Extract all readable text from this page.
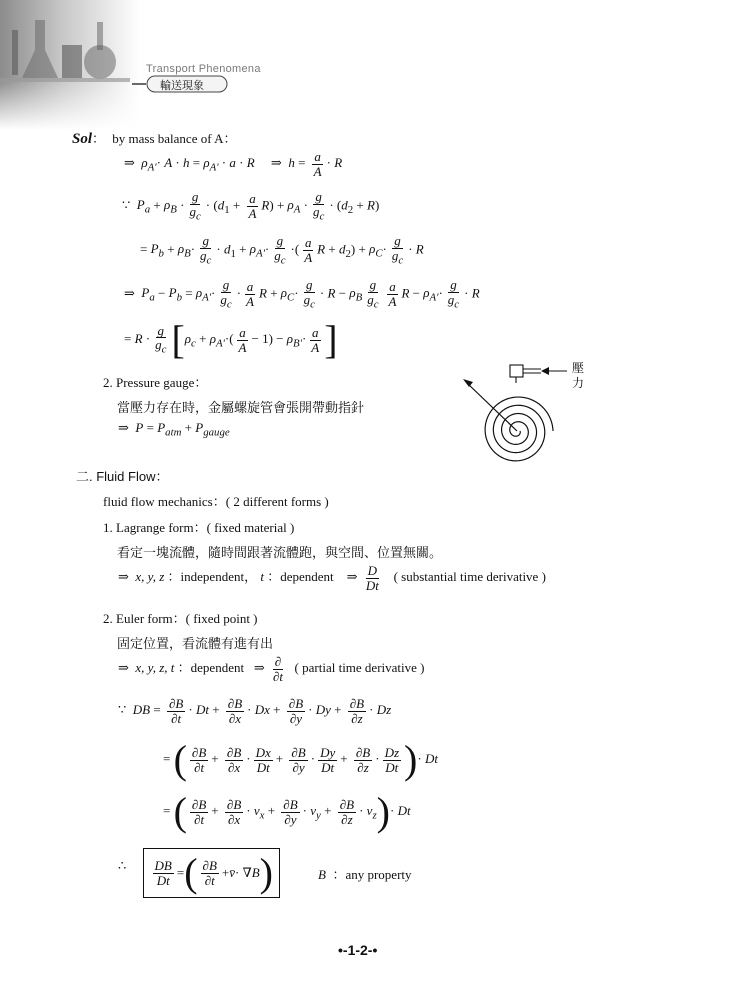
Transport Phenomena
輸送現象
Sol： by mass balance of A：
⇒  $\rho_{A'}\cdot A \cdot h = \rho_{A'} \cdot a \cdot R$     ⇒  $h = \frac{a}{A} \cdot R$
∵  $P_a + \rho_B \cdot \frac{g}{g_c} \cdot (d_1 + \frac{a}{A} R) + \rho_A \cdot \frac{g}{g_c} \cdot (d_2 + R)$
= $P_b + \rho_B\cdot \frac{g}{g_c} \cdot d_1 + \rho_{A'}\cdot \frac{g}{g_c}$ ·( $\frac{a}{A}$ $R + d_2) + \rho_C\cdot \frac{g}{g_c} \cdot R$
⇒  $P_a - P_b = \rho_{A'}\cdot \frac{g}{g_c} \cdot \frac{a}{A}$ $R + \rho_C\cdot \frac{g}{g_c} \cdot R - \rho_B \frac{g}{g_c} \frac{a}{A}$ $R - \rho_{A'}\cdot \frac{g}{g_c} \cdot R$
= $R \cdot \frac{g}{g_c} [\rho_c + \rho_{A'}\cdot( \frac{a}{A} - 1) - \rho_{B'}\cdot \frac{a}{A}$ ]
2. Pressure gauge：
當壓力存在時，金屬螺旋管會張開帶動指針
⇒  $P = P_{atm} + P_{gauge}$
壓力
二. Fluid Flow：
fluid flow mechanics：( 2 different forms )
1. Lagrange form：( fixed material )
看定一塊流體，隨時間跟著流體跑，與空間、位置無關。
⇒  x, y, z ：independent， t ：dependent    ⇒ $\frac{D}{Dt}$ ( substantial time derivative )
2. Euler form：( fixed point )
固定位置，看流體有進有出
⇒  x, y, z, t ：dependent   ⇒ $\frac{\partial}{\partial t}$ ( partial time derivative )
∵  DB = $\frac{\partial B}{\partial t} \cdot Dt + \frac{\partial B}{\partial x} \cdot Dx + \frac{\partial B}{\partial y} \cdot Dy + \frac{\partial B}{\partial z} \cdot Dz$
= ( $\frac{\partial B}{\partial t} + \frac{\partial B}{\partial x} \cdot \frac{Dx}{Dt} + \frac{\partial B}{\partial y} \cdot \frac{Dy}{Dt} + \frac{\partial B}{\partial z} \cdot \frac{Dz}{Dt}$ )· Dt
= ( $\frac{\partial B}{\partial t} + \frac{\partial B}{\partial x} \cdot v_x + \frac{\partial B}{\partial y} \cdot v_y + \frac{\partial B}{\partial z} \cdot v_z)\cdot Dt$
∴ $\frac{DB}{Dt}$ = ( $\frac{\partial B}{\partial t}$ + v̄ · ∇ B )	B ：any property
•-1-2-•
